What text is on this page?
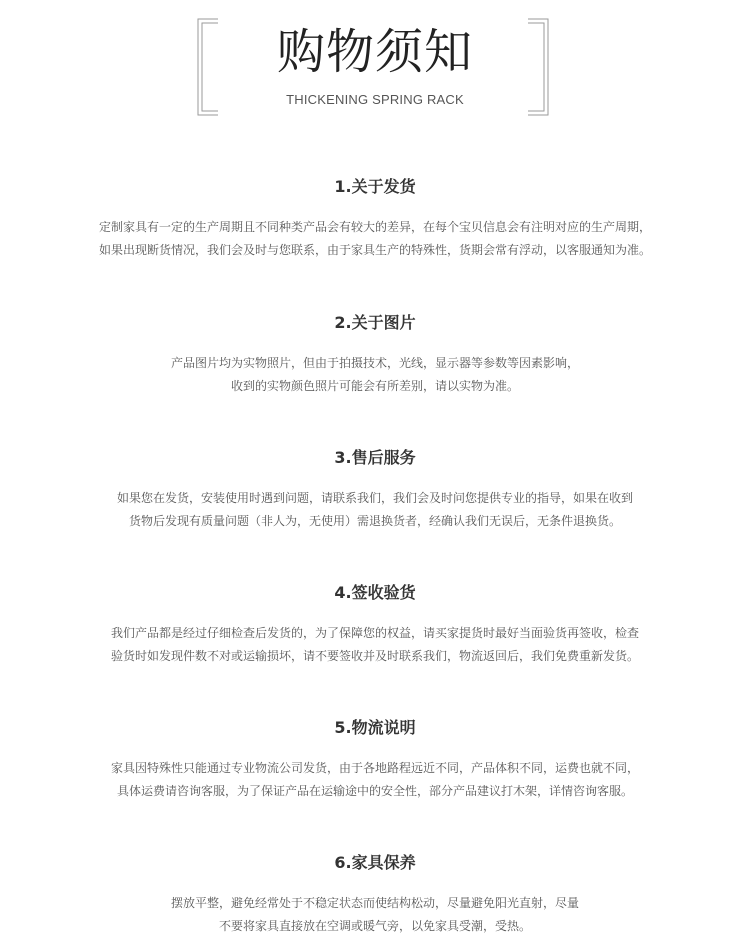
购物须知
THICKENING SPRING RACK
1.关于发货
定制家具有一定的生产周期且不同种类产品会有较大的差异，在每个宝贝信息会有注明对应的生产周期，
如果出现断货情况，我们会及时与您联系，由于家具生产的特殊性，货期会常有浮动，以客服通知为准。
2.关于图片
产品图片均为实物照片，但由于拍摄技术，光线，显示器等参数等因素影响，
收到的实物颜色照片可能会有所差别，请以实物为准。
3.售后服务
如果您在发货，安装使用时遇到问题，请联系我们，我们会及时问您提供专业的指导，如果在收到
货物后发现有质量问题（非人为，无使用）需退换货者，经确认我们无误后，无条件退换货。
4.签收验货
我们产品都是经过仔细检查后发货的，为了保障您的权益，请买家提货时最好当面验货再签收，检查
验货时如发现件数不对或运输损坏，请不要签收并及时联系我们，物流返回后，我们免费重新发货。
5.物流说明
家具因特殊性只能通过专业物流公司发货，由于各地路程远近不同，产品体积不同，运费也就不同，
具体运费请咨询客服，为了保证产品在运输途中的安全性，部分产品建议打木架，详情咨询客服。
6.家具保养
摆放平整，避免经常处于不稳定状态而使结构松动，尽量避免阳光直射，尽量
不要将家具直接放在空调或暖气旁，以免家具受潮，受热。
